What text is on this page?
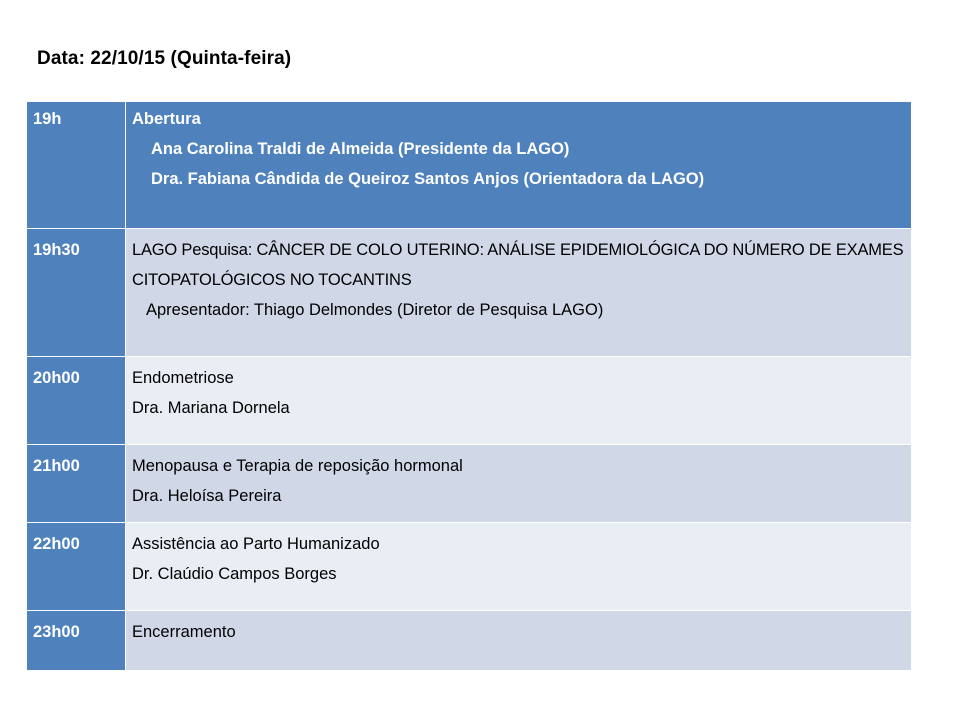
Data: 22/10/15 (Quinta-feira)
19h	Abertura
Ana Carolina Traldi de Almeida (Presidente da LAGO)
Dra. Fabiana Cândida de Queiroz Santos Anjos (Orientadora da LAGO)

19h30	LAGO Pesquisa: CÂNCER DE COLO UTERINO: ANÁLISE EPIDEMIOLÓGICA DO NÚMERO DE EXAMES CITOPATOLÓGICOS NO TOCANTINS
Apresentador: Thiago Delmondes (Diretor de Pesquisa LAGO)

20h00	Endometriose
Dra. Mariana Dornela

21h00	Menopausa e Terapia de reposição hormonal
Dra. Heloísa Pereira

22h00	Assistência ao Parto Humanizado
Dr. Claúdio Campos Borges

23h00	Encerramento
